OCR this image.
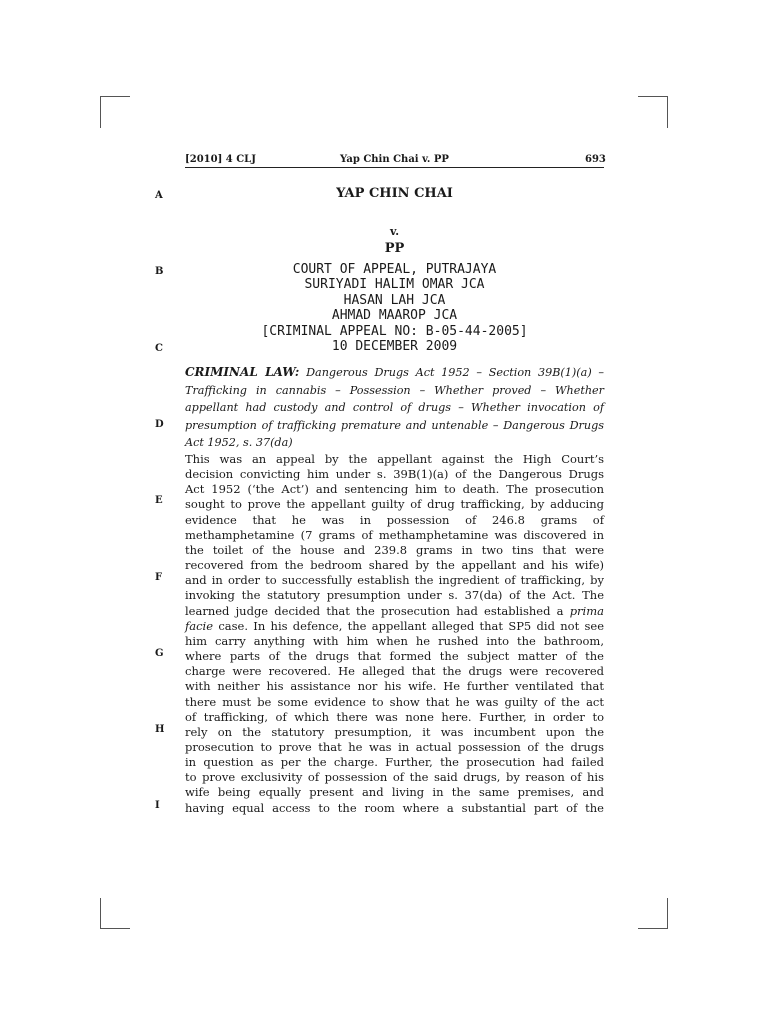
[2010] 4 CLJ	Yap Chin Chai v. PP	693
A
B
C
D
E
F
G
H
I
YAP CHIN CHAI
v.
PP
COURT OF APPEAL, PUTRAJAYA
SURIYADI HALIM OMAR JCA
HASAN LAH JCA
AHMAD MAAROP JCA
[CRIMINAL APPEAL NO: B-05-44-2005]
10 DECEMBER 2009

CRIMINAL LAW: Dangerous Drugs Act 1952 – Section 39B(1)(a) – Trafficking in cannabis – Possession – Whether proved – Whether appellant had custody and control of drugs – Whether invocation of presumption of trafficking premature and untenable – Dangerous Drugs Act 1952, s. 37(da)

This was an appeal by the appellant against the High Court’s
decision convicting him under s. 39B(1)(a) of the Dangerous Drugs
Act 1952 (‘the Act’) and sentencing him to death. The prosecution
sought to prove the appellant guilty of drug trafficking, by adducing
evidence that he was in possession of 246.8 grams of
methamphetamine (7 grams of methamphetamine was discovered in
the toilet of the house and 239.8 grams in two tins that were
recovered from the bedroom shared by the appellant and his wife)
and in order to successfully establish the ingredient of trafficking, by
invoking the statutory presumption under s. 37(da) of the Act. The
learned judge decided that the prosecution had established a prima
facie case. In his defence, the appellant alleged that SP5 did not see
him carry anything with him when he rushed into the bathroom,
where parts of the drugs that formed the subject matter of the
charge were recovered. He alleged that the drugs were recovered
with neither his assistance nor his wife. He further ventilated that
there must be some evidence to show that he was guilty of the act
of trafficking, of which there was none here. Further, in order to
rely on the statutory presumption, it was incumbent upon the
prosecution to prove that he was in actual possession of the drugs
in question as per the charge. Further, the prosecution had failed
to prove exclusivity of possession of the said drugs, by reason of his
wife being equally present and living in the same premises, and
having equal access to the room where a substantial part of the
